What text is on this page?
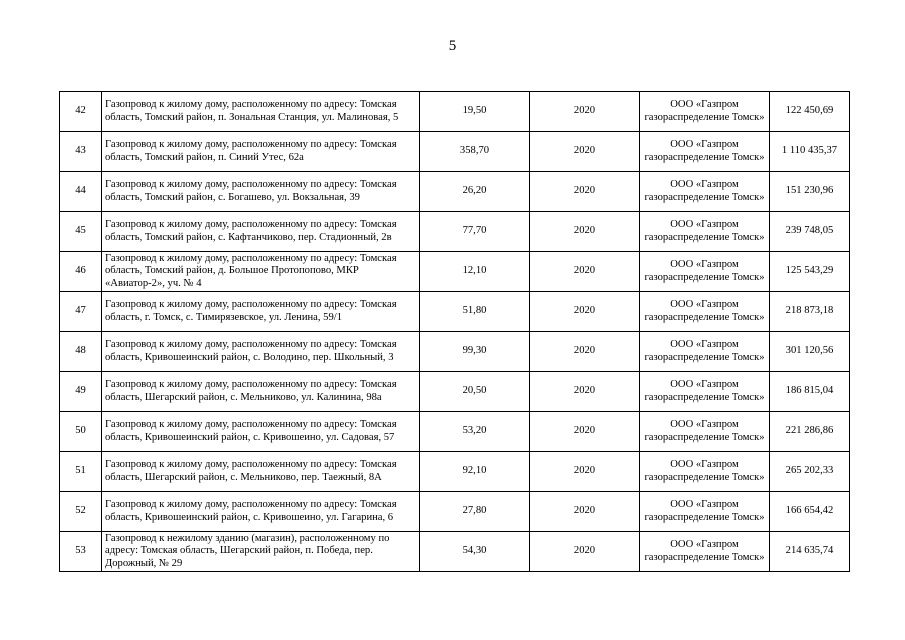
5
42	Газопровод к жилому дому, расположенному по адресу: Томская область, Томский район, п. Зональная Станция, ул. Малиновая, 5	19,50	2020	ООО «Газпром газораспределение Томск»	122 450,69
43	Газопровод к жилому дому, расположенному по адресу: Томская область, Томский район, п. Синий Утес, 62а	358,70	2020	ООО «Газпром газораспределение Томск»	1 110 435,37
44	Газопровод к жилому дому, расположенному по адресу: Томская область, Томский район, с. Богашево, ул. Вокзальная, 39	26,20	2020	ООО «Газпром газораспределение Томск»	151 230,96
45	Газопровод к жилому дому, расположенному по адресу: Томская область, Томский район, с. Кафтанчиково, пер. Стадионный, 2в	77,70	2020	ООО «Газпром газораспределение Томск»	239 748,05
46	Газопровод к жилому дому, расположенному по адресу: Томская область, Томский район, д. Большое Протопопово, МКР «Авиатор-2», уч. № 4	12,10	2020	ООО «Газпром газораспределение Томск»	125 543,29
47	Газопровод к жилому дому, расположенному по адресу: Томская область, г. Томск, с. Тимирязевское, ул. Ленина, 59/1	51,80	2020	ООО «Газпром газораспределение Томск»	218 873,18
48	Газопровод к жилому дому, расположенному по адресу: Томская область, Кривошеинский район, с. Володино, пер. Школьный, 3	99,30	2020	ООО «Газпром газораспределение Томск»	301 120,56
49	Газопровод к жилому дому, расположенному по адресу: Томская область, Шегарский район, с. Мельниково, ул. Калинина, 98а	20,50	2020	ООО «Газпром газораспределение Томск»	186 815,04
50	Газопровод к жилому дому, расположенному по адресу: Томская область, Кривошеинский район, с. Кривошеино, ул. Садовая, 57	53,20	2020	ООО «Газпром газораспределение Томск»	221 286,86
51	Газопровод к жилому дому, расположенному по адресу: Томская область, Шегарский район, с. Мельниково, пер. Таежный, 8А	92,10	2020	ООО «Газпром газораспределение Томск»	265 202,33
52	Газопровод к жилому дому, расположенному по адресу: Томская область, Кривошеинский район, с. Кривошеино, ул. Гагарина, 6	27,80	2020	ООО «Газпром газораспределение Томск»	166 654,42
53	Газопровод к нежилому зданию (магазин), расположенному по адресу: Томская область, Шегарский район, п. Победа, пер. Дорожный, № 29	54,30	2020	ООО «Газпром газораспределение Томск»	214 635,74
